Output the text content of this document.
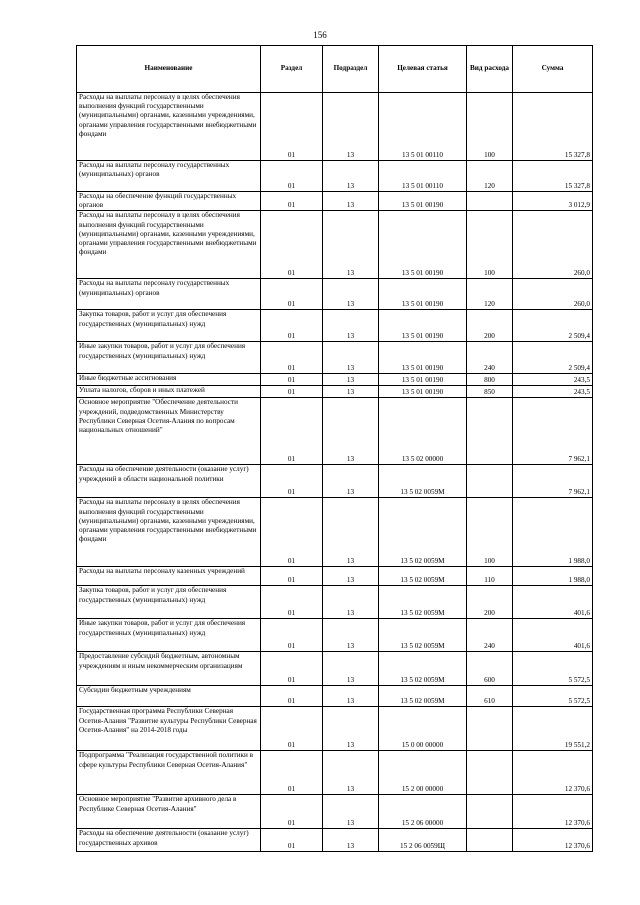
156
Наименование	Раздел	Подраздел	Целевая статья	Вид расхода	Сумма
Расходы на выплаты персоналу в целях обеспечения выполнения функций государственными (муниципальными) органами, казенными учреждениями, органами управления государственными внебюджетными фондами	01	13	13 5 01 00110	100	15 327,8
Расходы на выплаты персоналу государственных (муниципальных) органов	01	13	13 5 01 00110	120	15 327,8
Расходы на обеспечение функций государственных органов	01	13	13 5 01 00190		3 012,9
Расходы на выплаты персоналу в целях обеспечения выполнения функций государственными (муниципальными) органами, казенными учреждениями, органами управления государственными внебюджетными фондами	01	13	13 5 01 00190	100	260,0
Расходы на выплаты персоналу государственных (муниципальных) органов	01	13	13 5 01 00190	120	260,0
Закупка товаров, работ и услуг для обеспечения государственных (муниципальных) нужд	01	13	13 5 01 00190	200	2 509,4
Иные закупки товаров, работ и услуг для обеспечения государственных (муниципальных) нужд	01	13	13 5 01 00190	240	2 509,4
Иные бюджетные ассигнования	01	13	13 5 01 00190	800	243,5
Уплата налогов, сборов и иных платежей	01	13	13 5 01 00190	850	243,5
Основное мероприятие "Обеспечение деятельности учреждений, подведомственных Министерству Республики Северная Осетия-Алания по вопросам национальных отношений"	01	13	13 5 02 00000		7 962,1
Расходы на обеспечение деятельности (оказание услуг) учреждений в области национальной политики	01	13	13 5 02 0059М		7 962,1
Расходы на выплаты персоналу в целях обеспечения выполнения функций государственными (муниципальными) органами, казенными учреждениями, органами управления государственными внебюджетными фондами	01	13	13 5 02 0059М	100	1 988,0
Расходы на выплаты персоналу казенных учреждений	01	13	13 5 02 0059М	110	1 988,0
Закупка товаров, работ и услуг для обеспечения государственных (муниципальных) нужд	01	13	13 5 02 0059М	200	401,6
Иные закупки товаров, работ и услуг для обеспечения государственных (муниципальных) нужд	01	13	13 5 02 0059М	240	401,6
Предоставление субсидий бюджетным, автономным учреждениям и иным некоммерческим организациям	01	13	13 5 02 0059М	600	5 572,5
Субсидии бюджетным учреждениям	01	13	13 5 02 0059М	610	5 572,5
Государственная программа Республики Северная Осетия-Алания "Развитие культуры Республики Северная Осетия-Алания" на 2014-2018 годы	01	13	15 0 00 00000		19 551,2
Подпрограмма "Реализация государственной политики в сфере культуры Республики Северная Осетия-Алания"	01	13	15 2 00 00000		12 370,6
Основное мероприятие "Развитие архивного дела в Республике Северная Осетия-Алания"	01	13	15 2 06 00000		12 370,6
Расходы на обеспечение деятельности (оказание услуг) государственных архивов	01	13	15 2 06 0059Щ		12 370,6
